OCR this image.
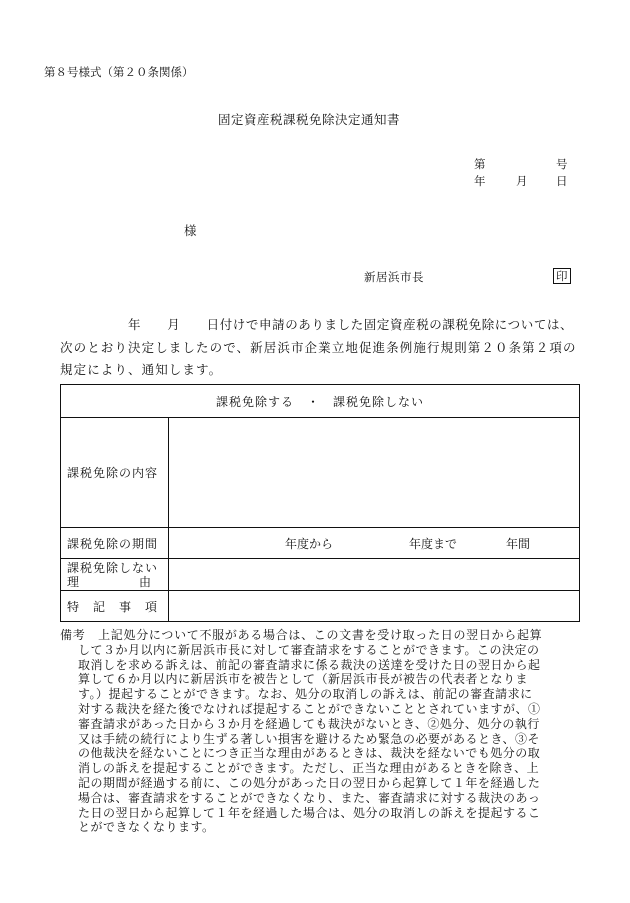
第８号様式（第２０条関係）
固定資産税課税免除決定通知書
第	号
年	月 日
様
新居浜市長	印
年　　月　　日付けで申請のありました固定資産税の課税免除については、
次のとおり決定しましたので、新居浜市企業立地促進条例施行規則第２０条第２項の
規定により、通知します。
課税免除する　・　課税免除しない	
課税免除の内容	
課税免除の期間	年度から 年度まで 年間

課税免除しない
理　　　　　由	

特　記　事　項	
備考　 上記処分について不服がある場合は、この文書を受け取った日の翌日から起算
して３か月以内に新居浜市長に対して審査請求をすることができます。この決定の
取消しを求める訴えは、前記の審査請求に係る裁決の送達を受けた日の翌日から起
算して６か月以内に新居浜市を被告として（新居浜市長が被告の代表者となりま
す。）提起することができます。なお、処分の取消しの訴えは、前記の審査請求に
対する裁決を経た後でなければ提起することができないこととされていますが、①
審査請求があった日から３か月を経過しても裁決がないとき、②処分、処分の執行
又は手続の続行により生ずる著しい損害を避けるため緊急の必要があるとき、③そ
の他裁決を経ないことにつき正当な理由があるときは、裁決を経ないでも処分の取
消しの訴えを提起することができます。ただし、正当な理由があるときを除き、上
記の期間が経過する前に、この処分があった日の翌日から起算して１年を経過した
場合は、審査請求をすることができなくなり、また、審査請求に対する裁決のあっ
た日の翌日から起算して１年を経過した場合は、処分の取消しの訴えを提起するこ
とができなくなります。
